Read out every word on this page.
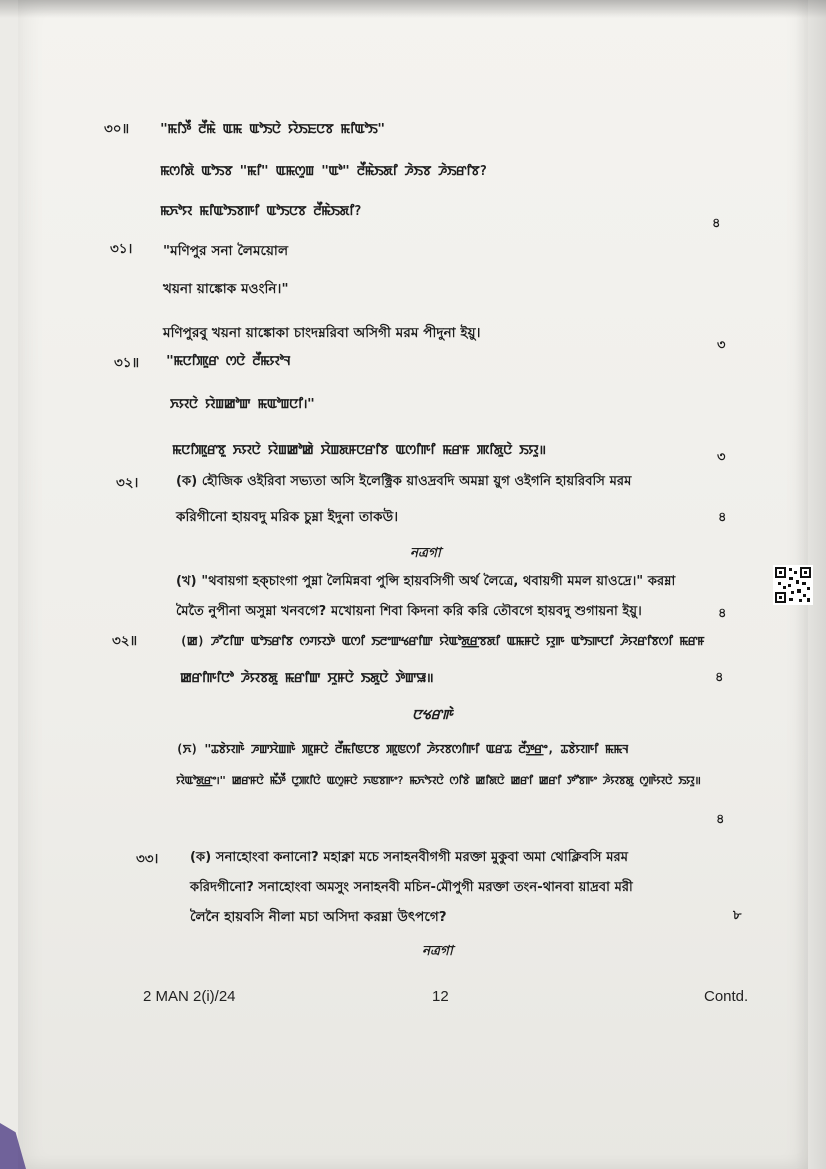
৩০॥ "ꯃꯤꯇꯩ ꯂꯩꯃꯥ ꯑꯃ ꯑꯣꯏꯅꯥ ꯌꯥꯏꯐꯅꯕ ꯃꯤꯑꯣꯏ"
ꯃꯁꯤꯗꯥ ꯑꯣꯏꯕ "ꯃꯤ" ꯑꯃꯁꯨꯡ "ꯑꯣ" ꯂꯩꯃꯥꯏꯗꯤ ꯍꯥꯏꯕ ꯍꯥꯏꯔꯤꯕ?
ꯃꯈꯣꯌ ꯃꯤꯑꯣꯏꯕꯒꯤ ꯑꯣꯏꯅꯕ ꯂꯩꯃꯥꯏꯗꯤ?
৪
৩১। "মণিপুর সনা লৈময়োল
খয়না য়াঙ্কোক মওংনি।"
মণিপুরবু খয়না য়াঙ্কোকা চাংদম্নরিবা অসিগী মরম পীদুনা ইয়ু।
৩
৩১॥ "ꯃꯅꯤꯄꯨꯔ ꯁꯅꯥ ꯂꯩꯃꯌꯣꯜ
ꯈꯌꯅꯥ ꯌꯥꯡꯀꯣꯛ ꯃꯑꯣꯡꯅꯤ।"
ꯃꯅꯤꯄꯨꯔꯕꯨ ꯈꯌꯅꯥ ꯌꯥꯡꯀꯣꯀꯥ ꯆꯥꯡꯗꯝꯅꯔꯤꯕ ꯑꯁꯤꯒꯤ ꯃꯔꯝ ꯄꯤꯗꯨꯅꯥ ꯏꯌꯨ॥	৩
৩২।	(ক) হৌজিক ওইরিবা সভ্যতা অসি ইলেক্ট্রিক য়াওদ্রবদি অমম্না য়ুগ ওইগনি হায়রিবসি মরম
করিগীনো হায়বদু মরিক চুম্না ইদুনা তাকউ।	৪
নত্রগা
(খ) "থবায়গা হক্চাংগা পুম্না লৈমিন্নবা পুন্সি হায়বসিগী অর্থ লৈত্রে, থবায়গী মমল য়াওদ্রে।" করম্না
মৈতৈ নুপীনা অসুম্না খনবগে? মখোয়না শিবা কিদনা করি করি তৌবগে হায়বদু শুগায়না ইয়ু।	৪
৩২॥	(ꯀ) ꯍꯧꯖꯤꯛ ꯑꯣꯏꯔꯤꯕ ꯁꯚꯌꯇꯥ ꯑꯁꯤ ꯏꯂꯦꯛꯠꯔꯤꯛ ꯌꯥꯑꯣꯗ꯭ꯔꯕꯗꯤ ꯑꯃꯝꯅꯥ ꯌꯨꯒ ꯑꯣꯏꯒꯅꯤ ꯍꯥꯌꯔꯤꯕꯁꯤ ꯃꯔꯝ
ꯀꯔꯤꯒꯤꯅꯣ ꯍꯥꯌꯕꯗꯨ ꯃꯔꯤꯛ ꯆꯨꯝꯅꯥ ꯏꯗꯨꯅꯥ ꯇꯥꯛꯎ॥	৪
ꯅꯠꯔꯒꯥ
(ꯈ) "ꯊꯕꯥꯌꯒꯥ ꯍꯛꯆꯥꯡꯒꯥ ꯄꯨꯝꯅꯥ ꯂꯩꯃꯤꯟꯅꯕ ꯄꯨꯟꯁꯤ ꯍꯥꯌꯕꯁꯤꯒꯤ ꯑꯔꯊ ꯂꯩꯇ꯭ꯔꯦ, ꯊꯕꯥꯌꯒꯤ ꯃꯃꯜ
ꯌꯥꯑꯣꯗ꯭ꯔꯦ।" ꯀꯔꯝꯅꯥ ꯃꯩꯇꯩ ꯅꯨꯄꯤꯅꯥ ꯑꯁꯨꯝꯅꯥ ꯈꯟꯕꯒꯦ? ꯃꯈꯣꯌꯅꯥ ꯁꯤꯕꯥ ꯀꯤꯗꯅꯥ ꯀꯔꯤ ꯀꯔꯤ ꯇꯧꯕꯒꯦ ꯍꯥꯌꯕꯗꯨ ꯁꯨꯒꯥꯌꯅꯥ ꯏꯌꯨ॥
৪
৩৩। (ক) সনাহোংবা কনানো? মহাক্না মচে সনাহনবীগগী মরক্তা মুকুবা অমা থোক্লিবসি মরম
করিদগীনো? সনাহোংবা অমসুং সনাহনবী মচিন-মৌপুগী মরক্তা তংন-থানবা য়াদ্রবা মরী
লৈনৈ হায়বসি নীলা মচা অসিদা করম্না উৎপগে?	৮
নত্রগা
2 MAN 2(i)/24	12	Contd.
